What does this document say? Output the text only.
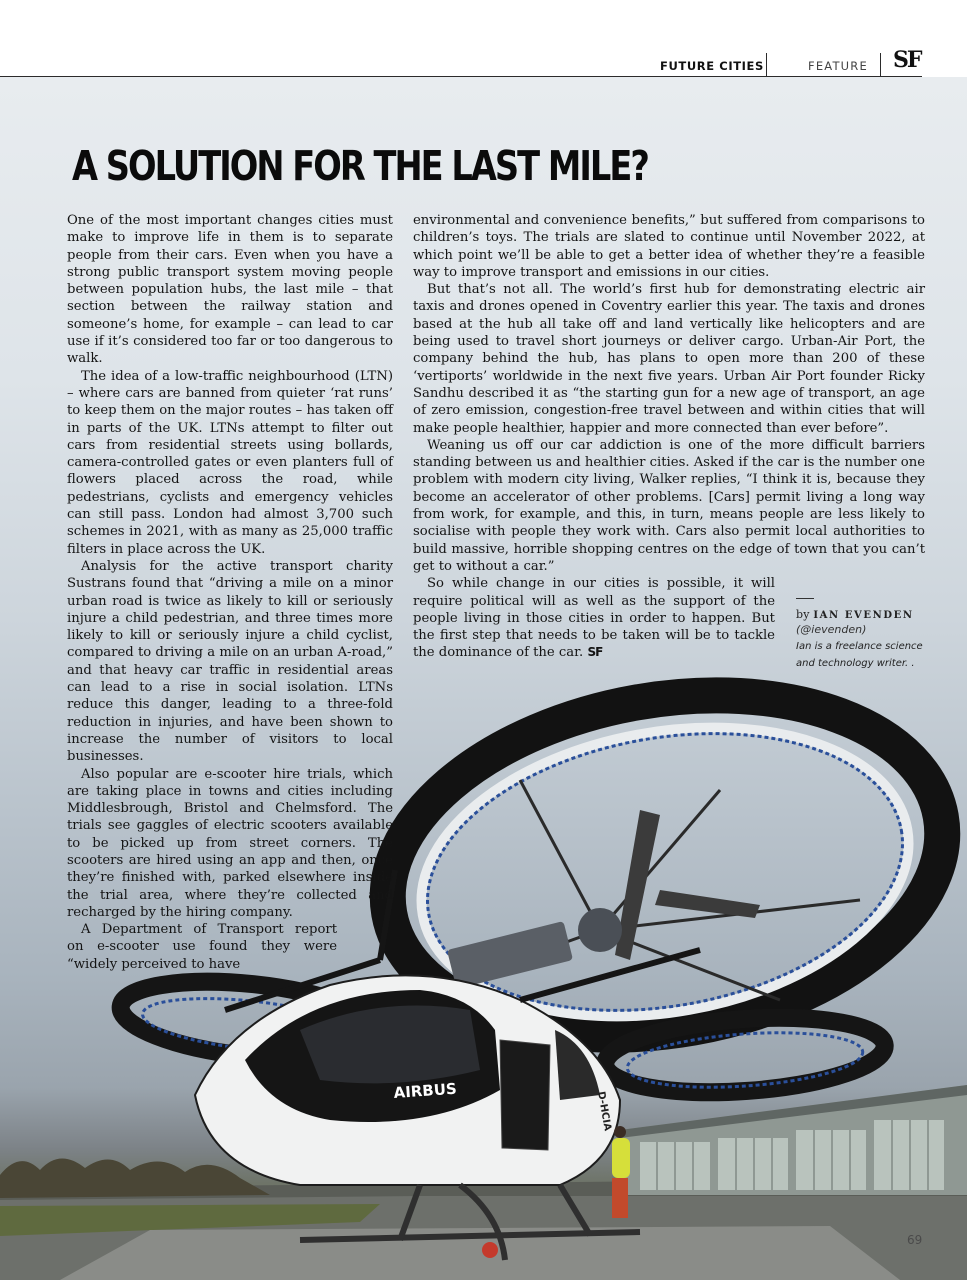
AIRBUS	D-HCIA
FUTURE CITIES	FEATURE SF
A SOLUTION FOR THE LAST MILE?

One of the most important changes cities must make to improve life in them is to separate people from their cars. Even when you have a strong public transport system moving people between population hubs, the last mile – that section between the railway station and someone’s home, for example – can lead to car use if it’s considered too far or too dangerous to walk.

The idea of a low-traffic neighbourhood (LTN) – where cars are banned from quieter ‘rat runs’ to keep them on the major routes – has taken off in parts of the UK. LTNs attempt to filter out cars from residential streets using bollards, camera-controlled gates or even planters full of flowers placed across the road, while pedestrians, cyclists and emergency vehicles can still pass. London had almost 3,700 such schemes in 2021, with as many as 25,000 traffic filters in place across the UK.

Analysis for the active transport charity Sustrans found that “driving a mile on a minor urban road is twice as likely to kill or seriously injure a child pedestrian, and three times more likely to kill or seriously injure a child cyclist, compared to driving a mile on an urban A-road,” and that heavy car traffic in residential areas can lead to a rise in social isolation. LTNs reduce this danger, leading to a three-fold reduction in injuries, and have been shown to increase the number of visitors to local businesses.

Also popular are e-scooter hire trials, which are taking place in towns and cities including Middlesbrough, Bristol and Chelmsford. The trials see gaggles of electric scooters available to be picked up from street corners. The scooters are hired using an app and then, once they’re finished with, parked elsewhere inside the trial area, where they’re collected and recharged by the hiring company.

A Department of Transport report

on e-scooter use found they were

“widely perceived to have

environmental and convenience benefits,” but suffered from comparisons to children’s toys. The trials are slated to continue until November 2022, at which point we’ll be able to get a better idea of whether they’re a feasible way to improve transport and emissions in our cities.

But that’s not all. The world’s first hub for demonstrating electric air taxis and drones opened in Coventry earlier this year. The taxis and drones based at the hub all take off and land vertically like helicopters and are being used to travel short journeys or deliver cargo. Urban-Air Port, the company behind the hub, has plans to open more than 200 of these ‘vertiports’ worldwide in the next five years. Urban Air Port founder Ricky Sandhu described it as “the starting gun for a new age of transport, an age of zero emission, congestion-free travel between and within cities that will make people healthier, happier and more connected than ever before”.

Weaning us off our car addiction is one of the more difficult barriers standing between us and healthier cities. Asked if the car is the number one problem with modern city living, Walker replies, “I think it is, because they become an accelerator of other problems. [Cars] permit living a long way from work, for example, and this, in turn, means people are less likely to socialise with people they work with. Cars also permit local authorities to build massive, horrible shopping centres on the edge of town that you can’t get to without a car.”

So while change in our cities is possible, it will require political will as well as the support of the people living in those cities in order to happen. But the first step that needs to be taken will be to tackle the dominance of the car. SF

by IAN EVENDEN
(@ievenden)
Ian is a freelance science and technology writer. .
69
